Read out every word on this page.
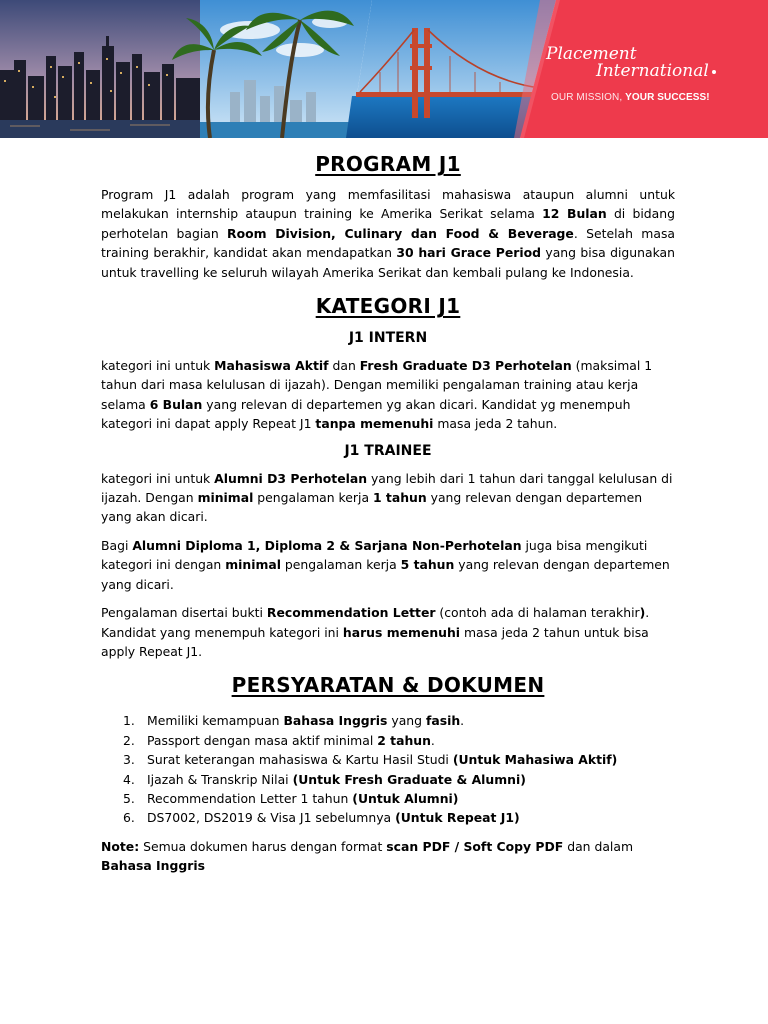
Placement
International
OUR MISSION, YOUR SUCCESS!
PROGRAM J1

Program J1 adalah program yang memfasilitasi mahasiswa ataupun alumni untuk melakukan internship ataupun training ke Amerika Serikat selama 12 Bulan di bidang perhotelan bagian Room Division, Culinary dan Food & Beverage. Setelah masa training berakhir, kandidat akan mendapatkan 30 hari Grace Period yang bisa digunakan untuk travelling ke seluruh wilayah Amerika Serikat dan kembali pulang ke Indonesia.

KATEGORI J1
J1 INTERN

kategori ini untuk Mahasiswa Aktif dan Fresh Graduate D3 Perhotelan (maksimal 1 tahun dari masa kelulusan di ijazah). Dengan memiliki pengalaman training atau kerja selama 6 Bulan yang relevan di departemen yg akan dicari. Kandidat yg menempuh kategori ini dapat apply Repeat J1 tanpa memenuhi masa jeda 2 tahun.

J1 TRAINEE

kategori ini untuk Alumni D3 Perhotelan yang lebih dari 1 tahun dari tanggal kelulusan di ijazah. Dengan minimal pengalaman kerja 1 tahun yang relevan dengan departemen yang akan dicari.

Bagi Alumni Diploma 1, Diploma 2 & Sarjana Non-Perhotelan juga bisa mengikuti kategori ini dengan minimal pengalaman kerja 5 tahun yang relevan dengan departemen yang dicari.

Pengalaman disertai bukti Recommendation Letter (contoh ada di halaman terakhir). Kandidat yang menempuh kategori ini harus memenuhi masa jeda 2 tahun untuk bisa apply Repeat J1.

PERSYARATAN & DOKUMEN
1. Memiliki kemampuan Bahasa Inggris yang fasih.
2. Passport dengan masa aktif minimal 2 tahun.
3. Surat keterangan mahasiswa & Kartu Hasil Studi (Untuk Mahasiwa Aktif)
4. Ijazah & Transkrip Nilai (Untuk Fresh Graduate & Alumni)
5. Recommendation Letter 1 tahun (Untuk Alumni)
6. DS7002, DS2019 & Visa J1 sebelumnya (Untuk Repeat J1)

Note: Semua dokumen harus dengan format scan PDF / Soft Copy PDF dan dalam Bahasa Inggris
